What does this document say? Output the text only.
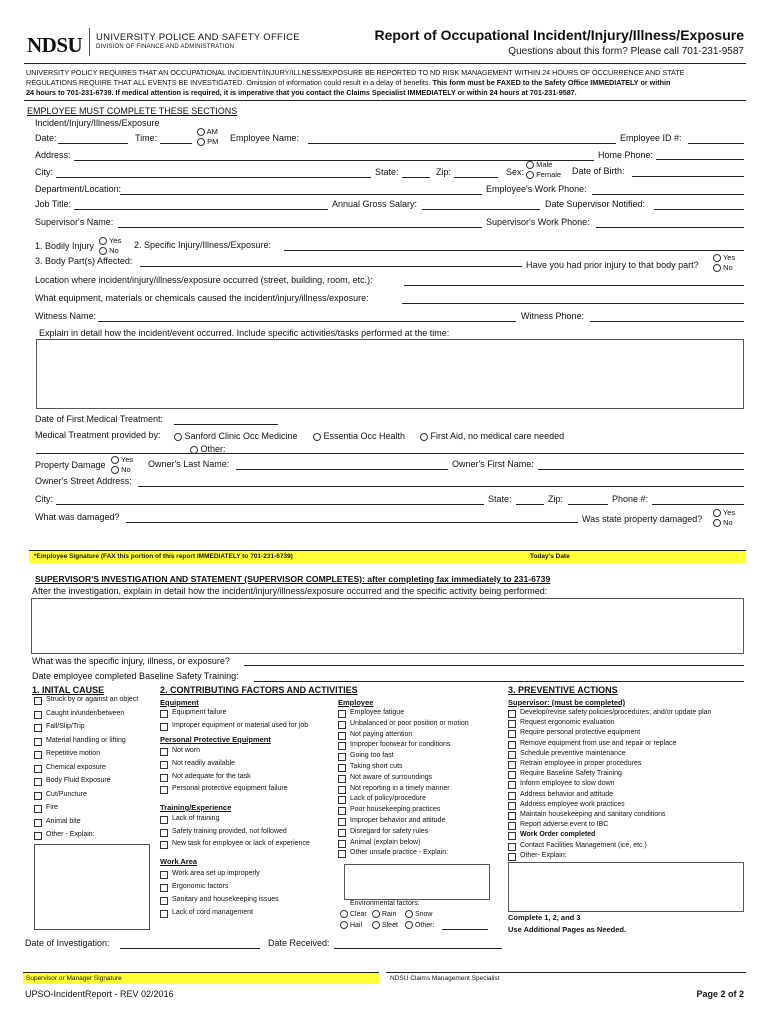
NDSU UNIVERSITY POLICE AND SAFETY OFFICE
DIVISION OF FINANCE AND ADMINISTRATION
Report of Occupational Incident/Injury/Illness/Exposure
Questions about this form? Please call 701-231-9587
UNIVERSITY POLICY REQUIRES THAT AN OCCUPATIONAL INCIDENT/INJURY/ILLNESS/EXPOSURE BE REPORTED TO ND RISK MANAGEMENT WITHIN 24 HOURS OF OCCURRENCE AND STATE
REGULATIONS REQUIRE THAT ALL EVENTS BE INVESTIGATED. Omission of information could result in a delay of benefits. This form must be FAXED to the Safety Office IMMEDIATELY or within
24 hours to 701-231-6739. If medical attention is required, it is imperative that you contact the Claims Specialist IMMEDIATELY or within 24 hours at 701-231-9587.
EMPLOYEE MUST COMPLETE THESE SECTIONS
Incident/Injury/Illness/Exposure
Date:	Time:
AM
PM Employee Name:	Employee ID #:
Address:	Home Phone:
City:	State:	Zip:	Sex:
Male
Female Date of Birth:
Department/Location:	Employee's Work Phone:
Job Title:	Annual Gross Salary:	Date Supervisor Notified:
Supervisor's Name:	Supervisor's Work Phone:
1. Bodily Injury
Yes
No
2. Specific Injury/Illness/Exposure:
3. Body Part(s) Affected:	Have you had prior injury to that body part?
Yes
No
Location where incident/injury/illness/exposure occurred (street, building, room, etc.):
What equipment, materials or chemicals caused the incident/injury/illness/exposure:
Witness Name:	Witness Phone:
Explain in detail how the incident/event occurred. Include specific activities/tasks performed at the time:
Date of First Medical Treatment:
Medical Treatment provided by:	Sanford Clinic Occ Medicine	Essentia Occ Health	First Aid, no medical care needed
Other:
Property Damage
Yes
No
Owner's Last Name:	Owner's First Name:
Owner's Street Address:
City:	State:	Zip:	Phone #:
What was damaged?	Was state property damaged?
Yes
No
*Employee Signature (FAX this portion of this report IMMEDIATELY to 701-231-6739)	Today's Date
SUPERVISOR'S INVESTIGATION AND STATEMENT (SUPERVISOR COMPLETES): after completing fax immediately to 231-6739
After the investigation, explain in detail how the incident/injury/illness/exposure occurred and the specific activity being performed:
What was the specific injury, illness, or exposure?
Date employee completed Baseline Safety Training:
1. INITAL CAUSE
Struck by or against an object
Caught in/under/between
Fall/Slip/Trip
Material handling or lifting
Repetitive motion
Chemical exposure
Body Fluid Exposure
Cut/Puncture
Fire
Animal bite
Other - Explain:
2. CONTRIBUTING FACTORS AND ACTIVITIES
Equipment
Equipment failure
Improper equipment or material used for job
Personal Protective Equipment
Not worn
Not readily available
Not adequate for the task
Personal protective equipment failure
Training/Experience
Lack of training
Safety training provided, not followed
New task for employee or lack of experience
Work Area
Work area set up improperly
Ergonomic factors
Sanitary and housekeeping issues
Lack of cord management
Employee
Employee fatigue
Unbalanced or poor position or motion
Not paying attention
Improper footwear for conditions
Going too fast
Taking short cuts
Not aware of surroundings
Not reporting in a timely manner
Lack of policy/procedure
Poor housekeeping practices
Improper behavior and attitude
Disregard for safety rules
Animal (explain below)
Other unsafe practice - Explain:
Environmental factors:
Clear	Rain	Snow
Hail	Sleet	Other:
3. PREVENTIVE ACTIONS
Supervisor: (must be completed)
Develop/revise safety policies/procedures; and/or update plan
Request ergonomic evaluation
Require personal protective equipment
Remove equipment from use and repair or replace
Schedule preventive maintenance
Retrain employee in proper procedures
Require Baseline Safety Training
Inform employee to slow down
Address behavior and attitude
Address employee work practices
Maintain housekeeping and sanitary conditions
Report adverse event to IBC
Work Order completed
Contact Facilities Management (ice, etc.)
Other- Explain:
Complete 1, 2, and 3
Use Additional Pages as Needed.
Date of Investigation:	Date Received:
Supervisor or Manager Signature	NDSU Claims Management Specialist
UPSO-IncidentReport - REV 02/2016	Page 2 of 2
